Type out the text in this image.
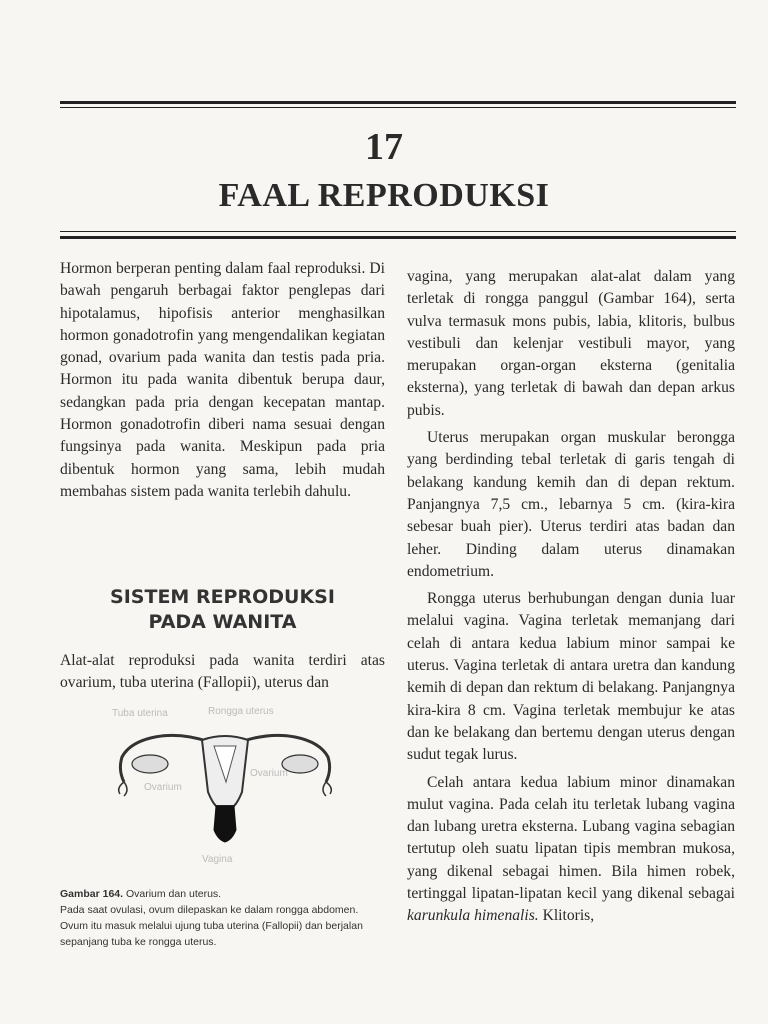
17
FAAL REPRODUKSI

Hormon berperan penting dalam faal reproduksi. Di bawah pengaruh berbagai faktor penglepas dari hipotalamus, hipofisis anterior menghasilkan hormon gonadotrofin yang mengendalikan kegiatan gonad, ovarium pada wanita dan testis pada pria. Hormon itu pada wanita dibentuk berupa daur, sedangkan pada pria dengan kecepatan mantap. Hormon gonadotrofin diberi nama sesuai dengan fungsinya pada wanita. Meskipun pada pria dibentuk hormon yang sama, lebih mudah membahas sistem pada wanita terlebih dahulu.

SISTEM REPRODUKSI
PADA WANITA
Alat-alat reproduksi pada wanita terdiri atas ovarium, tuba uterina (Fallopii), uterus dan
Tuba uterina	Rongga uterus
Ovarium
Ovarium
Vagina

Gambar 164. Ovarium dan uterus.

Pada saat ovulasi, ovum dilepaskan ke dalam rongga abdomen. Ovum itu masuk melalui ujung tuba uterina (Fallopii) dan berjalan sepanjang tuba ke rongga uterus.

vagina, yang merupakan alat-alat dalam yang terletak di rongga panggul (Gambar 164), serta vulva termasuk mons pubis, labia, klitoris, bulbus vestibuli dan kelenjar vestibuli mayor, yang merupakan organ-organ eksterna (genitalia eksterna), yang terletak di bawah dan depan arkus pubis.

Uterus merupakan organ muskular berongga yang berdinding tebal terletak di garis tengah di belakang kandung kemih dan di depan rektum. Panjangnya 7,5 cm., lebarnya 5 cm. (kira-kira sebesar buah pier). Uterus terdiri atas badan dan leher. Dinding dalam uterus dinamakan endometrium.

Rongga uterus berhubungan dengan dunia luar melalui vagina. Vagina terletak memanjang dari celah di antara kedua labium minor sampai ke uterus. Vagina terletak di antara uretra dan kandung kemih di depan dan rektum di belakang. Panjangnya kira-kira 8 cm. Vagina terletak membujur ke atas dan ke belakang dan bertemu dengan uterus dengan sudut tegak lurus.

Celah antara kedua labium minor dinamakan mulut vagina. Pada celah itu terletak lubang vagina dan lubang uretra eksterna. Lubang vagina sebagian tertutup oleh suatu lipatan tipis membran mukosa, yang dikenal sebagai himen. Bila himen robek, tertinggal lipatan-lipatan kecil yang dikenal sebagai karunkula himenalis. Klitoris,
